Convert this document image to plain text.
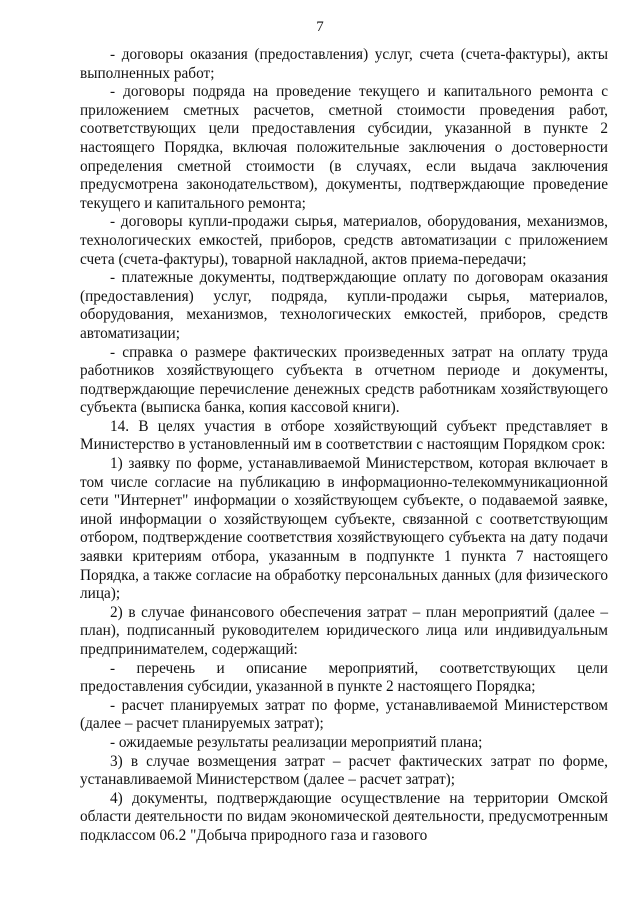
7

- договоры оказания (предоставления) услуг, счета (счета-фактуры), акты выполненных работ;

- договоры подряда на проведение текущего и капитального ремонта с приложением сметных расчетов, сметной стоимости проведения работ, соответствующих цели предоставления субсидии, указанной в пункте 2 настоящего Порядка, включая положительные заключения о достоверности определения сметной стоимости (в случаях, если выдача заключения предусмотрена законодательством), документы, подтверждающие проведение текущего и капитального ремонта;

- договоры купли-продажи сырья, материалов, оборудования, механизмов, технологических емкостей, приборов, средств автоматизации с приложением счета (счета-фактуры), товарной накладной, актов приема-передачи;

- платежные документы, подтверждающие оплату по договорам оказания (предоставления) услуг, подряда, купли-продажи сырья, материалов, оборудования, механизмов, технологических емкостей, приборов, средств автоматизации;

- справка о размере фактических произведенных затрат на оплату труда работников хозяйствующего субъекта в отчетном периоде и документы, подтверждающие перечисление денежных средств работникам хозяйствующего субъекта (выписка банка, копия кассовой книги).

14. В целях участия в отборе хозяйствующий субъект представляет в Министерство в установленный им в соответствии с настоящим Порядком срок:

1) заявку по форме, устанавливаемой Министерством, которая включает в том числе согласие на публикацию в информационно-телекоммуникационной сети "Интернет" информации о хозяйствующем субъекте, о подаваемой заявке, иной информации о хозяйствующем субъекте, связанной с соответствующим отбором, подтверждение соответствия хозяйствующего субъекта на дату подачи заявки критериям отбора, указанным в подпункте 1 пункта 7 настоящего Порядка, а также согласие на обработку персональных данных (для физического лица);

2) в случае финансового обеспечения затрат – план мероприятий (далее – план), подписанный руководителем юридического лица или индивидуальным предпринимателем, содержащий:

- перечень и описание мероприятий, соответствующих цели предоставления субсидии, указанной в пункте 2 настоящего Порядка;

- расчет планируемых затрат по форме, устанавливаемой Министерством (далее – расчет планируемых затрат);

- ожидаемые результаты реализации мероприятий плана;

3) в случае возмещения затрат – расчет фактических затрат по форме, устанавливаемой Министерством (далее – расчет затрат);

4) документы, подтверждающие осуществление на территории Омской области деятельности по видам экономической деятельности, предусмотренным подклассом 06.2 "Добыча природного газа и газового
